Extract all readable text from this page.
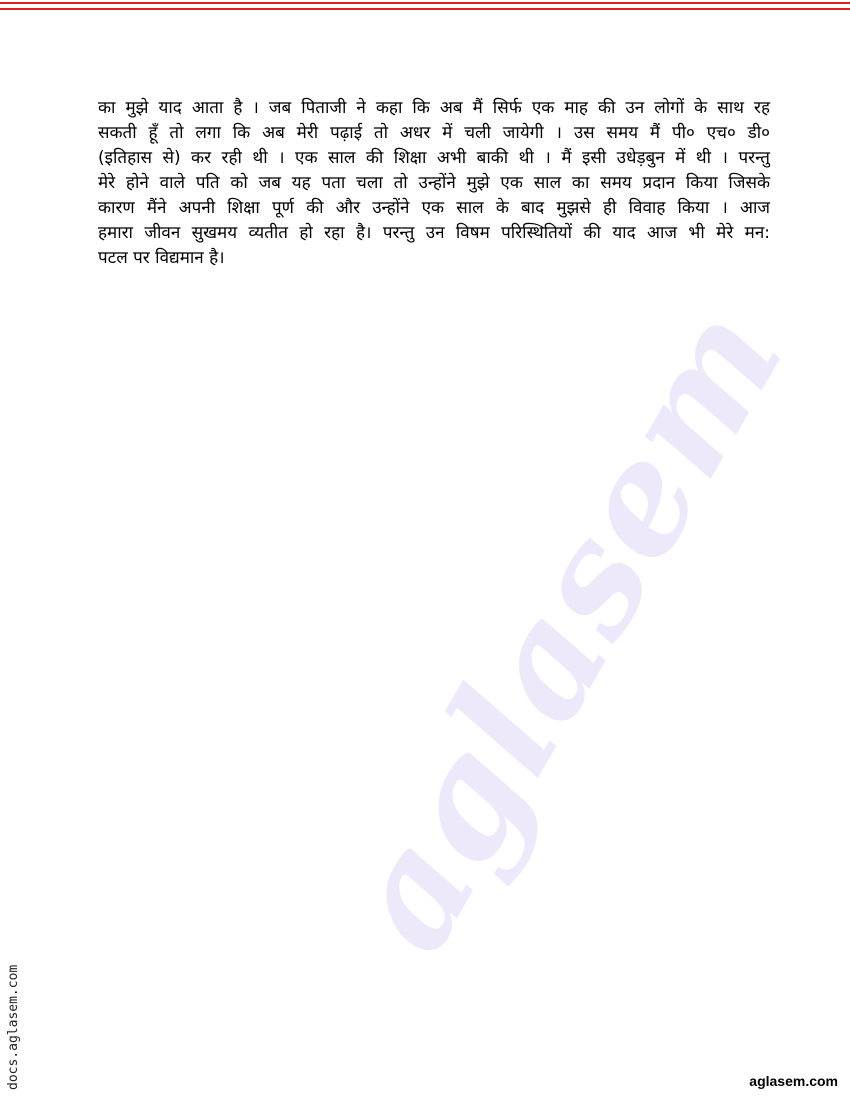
aglasem
का मुझे याद आता है । जब पिताजी ने कहा कि अब मैं सिर्फ एक माह की उन लोगों के साथ रह
सकती हूँ तो लगा कि अब मेरी पढ़ाई तो अधर में चली जायेगी । उस समय मैं पी० एच० डी०
(इतिहास से) कर रही थी । एक साल की शिक्षा अभी बाकी थी । मैं इसी उधेड़बुन में थी । परन्तु
मेरे होने वाले पति को जब यह पता चला तो उन्होंने मुझे एक साल का समय प्रदान किया जिसके
कारण मैंने अपनी शिक्षा पूर्ण की और उन्होंने एक साल के बाद मुझसे ही विवाह किया । आज
हमारा जीवन सुखमय व्यतीत हो रहा है। परन्तु उन विषम परिस्थितियों की याद आज भी मेरे मन:
पटल पर विद्यमान है।
docs.aglasem.com	aglasem.com
